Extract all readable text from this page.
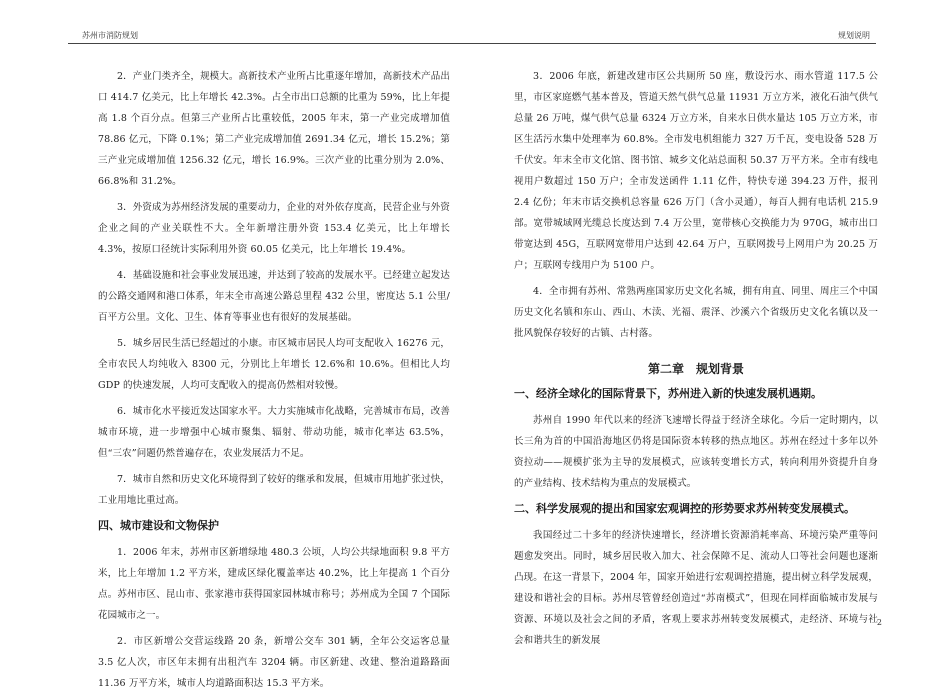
苏州市消防规划	规划说明

2．产业门类齐全，规模大。高新技术产业所占比重逐年增加，高新技术产品出口 414.7 亿美元，比上年增长 42.3%。占全市出口总额的比重为 59%，比上年提高 1.8 个百分点。但第三产业所占比重较低，2005 年末，第一产业完成增加值 78.86 亿元，下降 0.1%；第二产业完成增加值 2691.34 亿元，增长 15.2%；第三产业完成增加值 1256.32 亿元，增长 16.9%。三次产业的比重分别为 2.0%、66.8%和 31.2%。

3．外资成为苏州经济发展的重要动力，企业的对外依存度高，民营企业与外资企业之间的产业关联性不大。全年新增注册外资 153.4 亿美元，比上年增长 4.3%，按原口径统计实际利用外资 60.05 亿美元，比上年增长 19.4%。

4．基础设施和社会事业发展迅速，并达到了较高的发展水平。已经建立起发达的公路交通网和港口体系，年末全市高速公路总里程 432 公里，密度达 5.1 公里/百平方公里。文化、卫生、体育等事业也有很好的发展基础。

5．城乡居民生活已经超过的小康。市区城市居民人均可支配收入 16276 元，全市农民人均纯收入 8300 元，分别比上年增长 12.6%和 10.6%。但相比人均 GDP 的快速发展，人均可支配收入的提高仍然相对较慢。

6．城市化水平接近发达国家水平。大力实施城市化战略，完善城市布局，改善城市环境，进一步增强中心城市聚集、辐射、带动功能，城市化率达 63.5%，但“三农”问题仍然普遍存在，农业发展活力不足。

7．城市自然和历史文化环境得到了较好的继承和发展，但城市用地扩张过快，工业用地比重过高。

四、城市建设和文物保护

1．2006 年末，苏州市区新增绿地 480.3 公顷，人均公共绿地面积 9.8 平方米，比上年增加 1.2 平方米，建成区绿化覆盖率达 40.2%，比上年提高 1 个百分点。苏州市区、昆山市、张家港市获得国家园林城市称号；苏州成为全国 7 个国际花园城市之一。

2．市区新增公交营运线路 20 条，新增公交车 301 辆，全年公交运客总量 3.5 亿人次，市区年末拥有出租汽车 3204 辆。市区新建、改建、整治道路路面 11.36 万平方米，城市人均道路面积达 15.3 平方米。

3．2006 年底，新建改建市区公共厕所 50 座，敷设污水、雨水管道 117.5 公里，市区家庭燃气基本普及，管道天然气供气总量 11931 万立方米，液化石油气供气总量 26 万吨，煤气供气总量 6324 万立方米，自来水日供水量达 105 万立方米，市区生活污水集中处理率为 60.8%。全市发电机组能力 327 万千瓦，变电设备 528 万千伏安。年末全市文化馆、图书馆、城乡文化站总面积 50.37 万平方米。全市有线电视用户数超过 150 万户；全市发送函件 1.11 亿件，特快专递 394.23 万件，报刊 2.4 亿份；年末市话交换机总容量 626 万门（含小灵通），每百人拥有电话机 215.9 部。宽带城域网光缆总长度达到 7.4 万公里，宽带核心交换能力为 970G，城市出口带宽达到 45G，互联网宽带用户达到 42.64 万户，互联网拨号上网用户为 20.25 万户；互联网专线用户为 5100 户。

4．全市拥有苏州、常熟两座国家历史文化名城，拥有甪直、同里、周庄三个中国历史文化名镇和东山、西山、木渎、光福、震泽、沙溪六个省级历史文化名镇以及一批风貌保存较好的古镇、古村落。

第二章　规划背景
一、经济全球化的国际背景下，苏州进入新的快速发展机遇期。

苏州自 1990 年代以来的经济飞速增长得益于经济全球化。今后一定时期内，以长三角为首的中国沿海地区仍将是国际资本转移的热点地区。苏州在经过十多年以外资拉动——规模扩张为主导的发展模式，应该转变增长方式，转向利用外资提升自身的产业结构、技术结构为重点的发展模式。

二、科学发展观的提出和国家宏观调控的形势要求苏州转变发展模式。

我国经过二十多年的经济快速增长，经济增长资源消耗率高、环境污染严重等问题愈发突出。同时，城乡居民收入加大、社会保障不足、流动人口等社会问题也逐渐凸现。在这一背景下，2004 年，国家开始进行宏观调控措施，提出树立科学发展观，建设和谐社会的目标。苏州尽管曾经创造过“苏南模式”，但现在同样面临城市发展与资源、环境以及社会之间的矛盾，客观上要求苏州转变发展模式，走经济、环境与社会和谐共生的新发展

2
